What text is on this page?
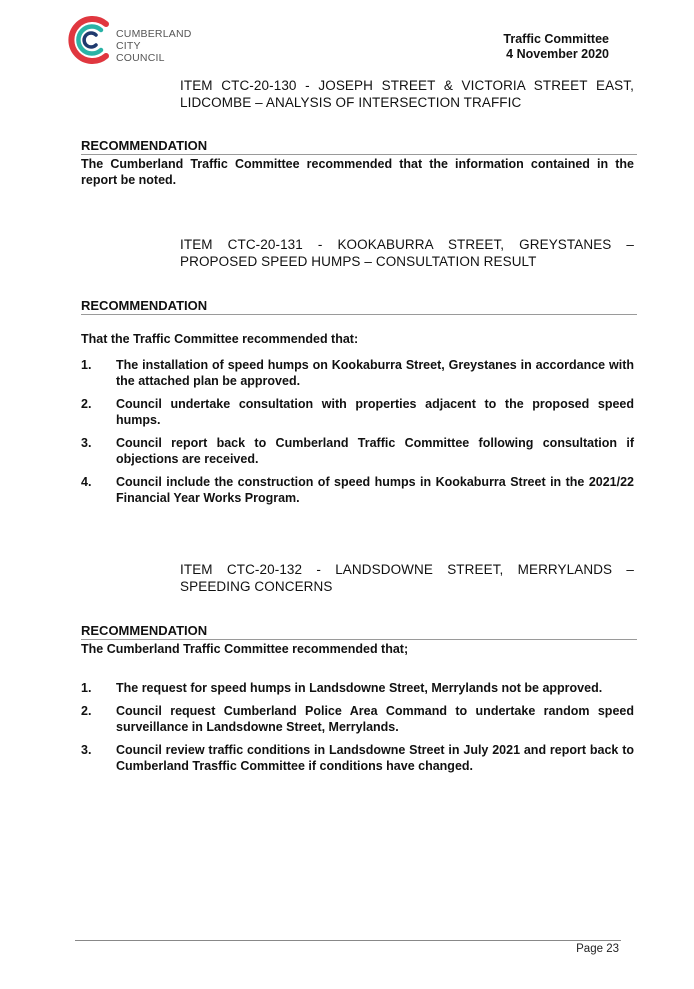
CUMBERLAND
CITY COUNCIL
Traffic Committee
4 November 2020
ITEM CTC-20-130 - JOSEPH STREET & VICTORIA STREET EAST, LIDCOMBE – ANALYSIS OF INTERSECTION TRAFFIC
RECOMMENDATION
The Cumberland Traffic Committee recommended that the information contained in the report be noted.
ITEM CTC-20-131 - KOOKABURRA STREET, GREYSTANES – PROPOSED SPEED HUMPS – CONSULTATION RESULT
RECOMMENDATION
That the Traffic Committee recommended that:
1. The installation of speed humps on Kookaburra Street, Greystanes in accordance with the attached plan be approved.
2. Council undertake consultation with properties adjacent to the proposed speed humps.
3. Council report back to Cumberland Traffic Committee following consultation if objections are received.
4. Council include the construction of speed humps in Kookaburra Street in the 2021/22 Financial Year Works Program.
ITEM CTC-20-132 - LANDSDOWNE STREET, MERRYLANDS – SPEEDING CONCERNS
RECOMMENDATION
The Cumberland Traffic Committee recommended that;
1. The request for speed humps in Landsdowne Street, Merrylands not be approved.
2. Council request Cumberland Police Area Command to undertake random speed surveillance in Landsdowne Street, Merrylands.
3. Council review traffic conditions in Landsdowne Street in July 2021 and report back to Cumberland Trasffic Committee if conditions have changed.
Page 23
